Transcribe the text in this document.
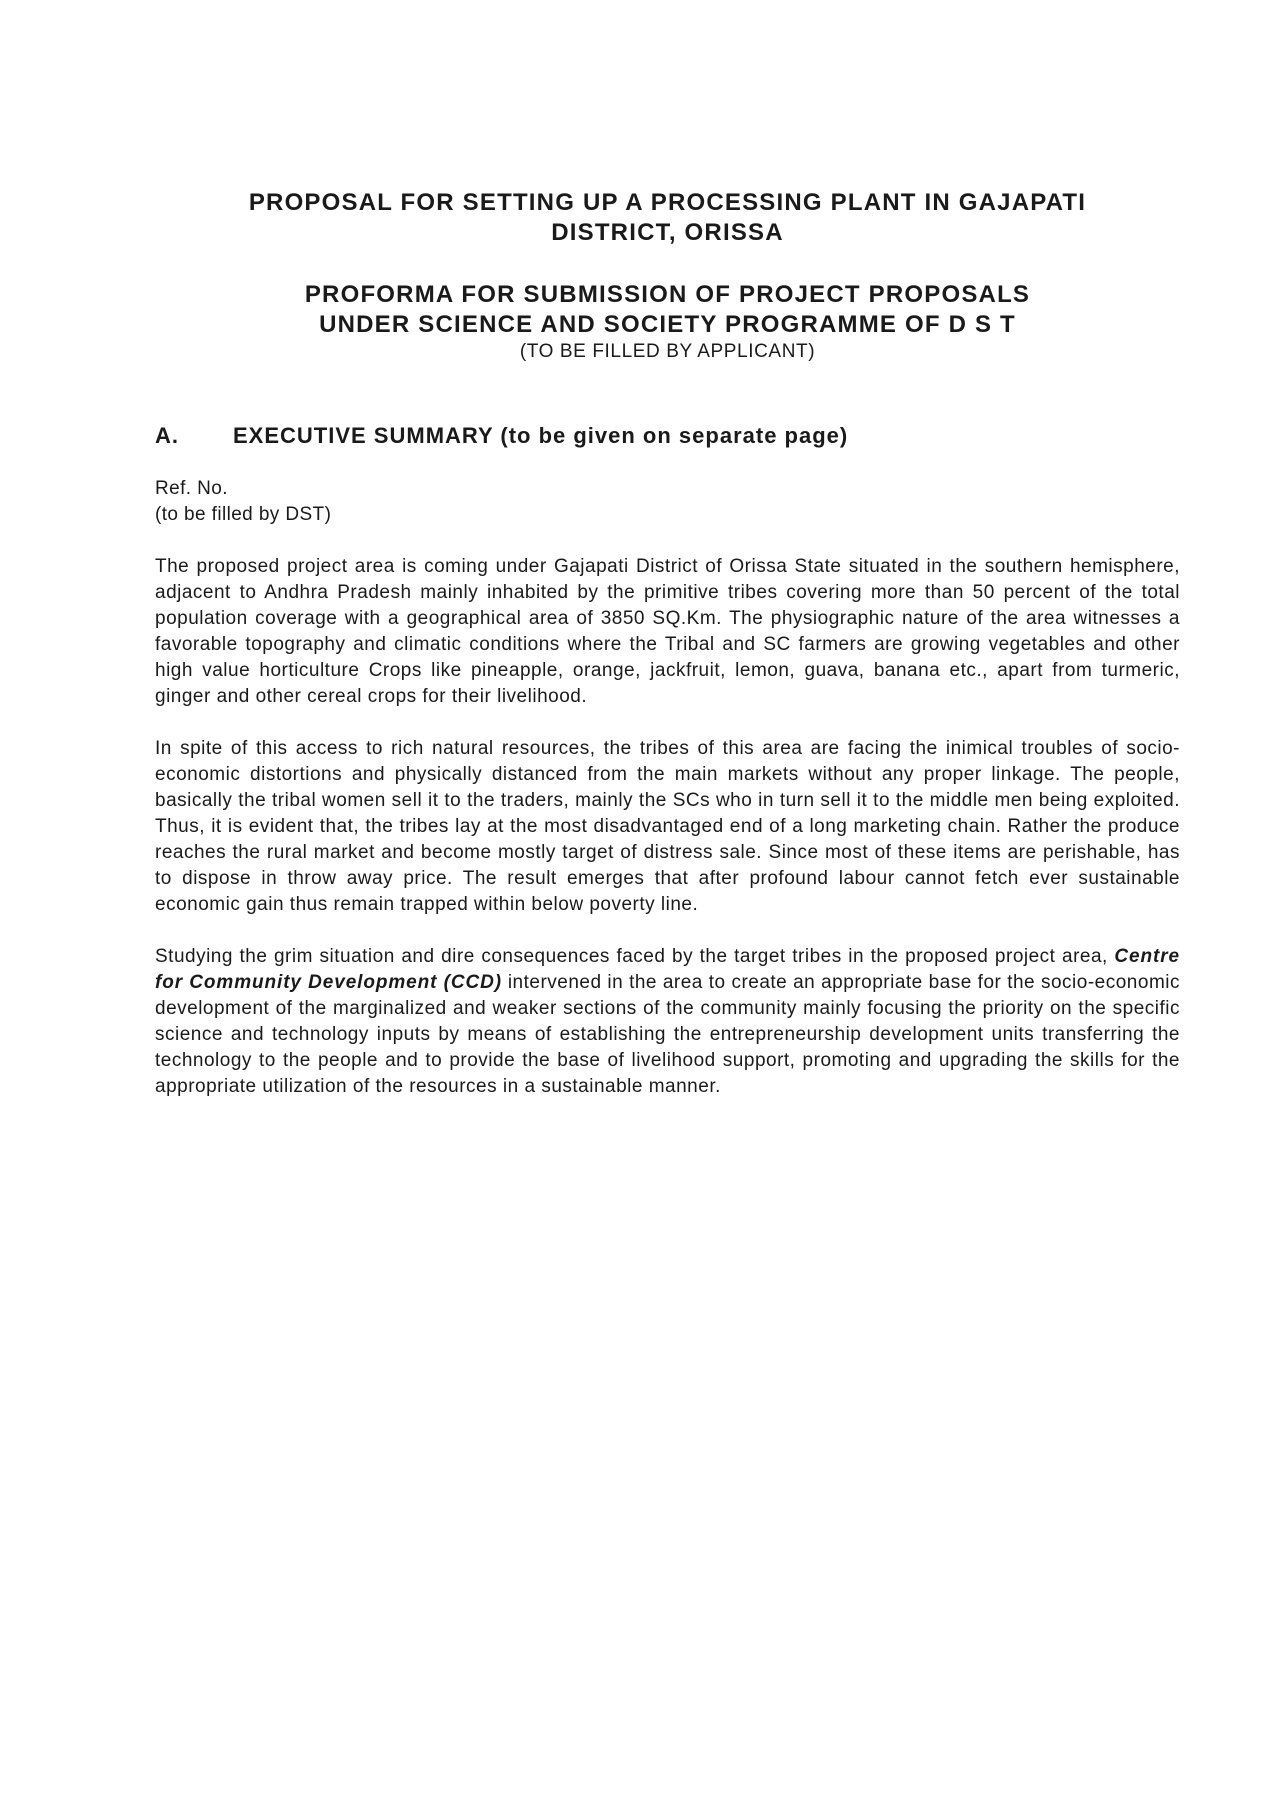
PROPOSAL FOR SETTING UP A PROCESSING PLANT IN GAJAPATI
DISTRICT, ORISSA
PROFORMA FOR SUBMISSION OF PROJECT PROPOSALS
UNDER SCIENCE AND SOCIETY PROGRAMME OF D S T
(TO BE FILLED BY APPLICANT)
A.	EXECUTIVE SUMMARY (to be given on separate page)
Ref. No.
(to be filled by DST)

The proposed project area is coming under Gajapati District of Orissa State situated in the southern hemisphere, adjacent to Andhra Pradesh mainly inhabited by the primitive tribes covering more than 50 percent of the total population coverage with a geographical area of 3850 SQ.Km. The physiographic nature of the area witnesses a favorable topography and climatic conditions where the Tribal and SC farmers are growing vegetables and other high value horticulture Crops like pineapple, orange, jackfruit, lemon, guava, banana etc., apart from turmeric, ginger and other cereal crops for their livelihood.

In spite of this access to rich natural resources, the tribes of this area are facing the inimical troubles of socio-economic distortions and physically distanced from the main markets without any proper linkage. The people, basically the tribal women sell it to the traders, mainly the SCs who in turn sell it to the middle men being exploited. Thus, it is evident that, the tribes lay at the most disadvantaged end of a long marketing chain. Rather the produce reaches the rural market and become mostly target of distress sale. Since most of these items are perishable, has to dispose in throw away price. The result emerges that after profound labour cannot fetch ever sustainable economic gain thus remain trapped within below poverty line.

Studying the grim situation and dire consequences faced by the target tribes in the proposed project area, Centre for Community Development (CCD) intervened in the area to create an appropriate base for the socio-economic development of the marginalized and weaker sections of the community mainly focusing the priority on the specific science and technology inputs by means of establishing the entrepreneurship development units transferring the technology to the people and to provide the base of livelihood support, promoting and upgrading the skills for the appropriate utilization of the resources in a sustainable manner.
